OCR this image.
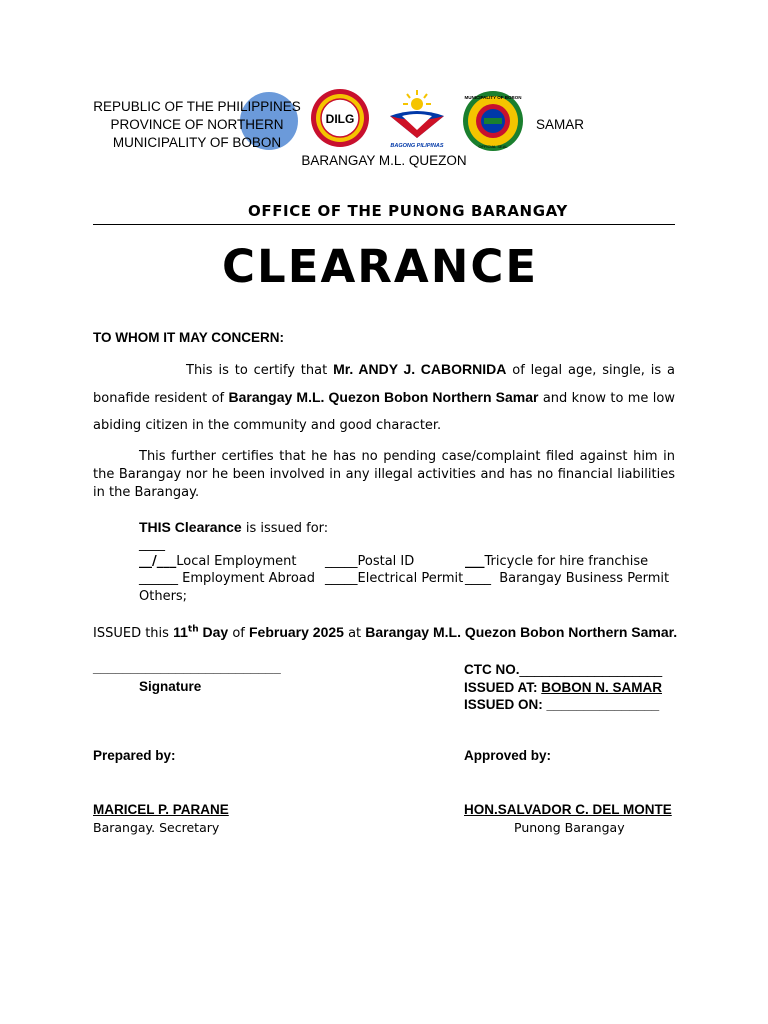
REPUBLIC OF THE PHILIPPINES
PROVINCE OF NORTHERN
MUNICIPALITY OF BOBON
DILG
BAGONG PILIPINAS
MUNICIPALITY OF BOBON
OFFICIAL SEAL
SAMAR
BARANGAY M.L. QUEZON
OFFICE OF THE PUNONG BARANGAY
CLEARANCE
TO WHOM IT MAY CONCERN:
This is to certify that Mr. ANDY J. CABORNIDA of legal age, single, is a bonafide resident of Barangay M.L. Quezon Bobon Northern Samar and know to me low abiding citizen in the community and good character.
This further certifies that he has no pending case/complaint filed against him in the Barangay nor he been involved in any illegal activities and has no financial liabilities in the Barangay.
THIS Clearance is issued for:
____
__/___Local Employment _____Postal ID	___Tricycle for hire franchise
______ Employment Abroad _____Electrical Permit ____  Barangay Business Permit
Others;
ISSUED this 11th Day of February 2025 at Barangay M.L. Quezon Bobon Northern Samar.
_________________________
Signature
CTC NO.___________________
ISSUED AT: BOBON N. SAMAR
ISSUED ON: _______________
Prepared by:	Approved by:
MARICEL P. PARANE
Barangay. Secretary
HON.SALVADOR C. DEL MONTE
Punong Barangay
